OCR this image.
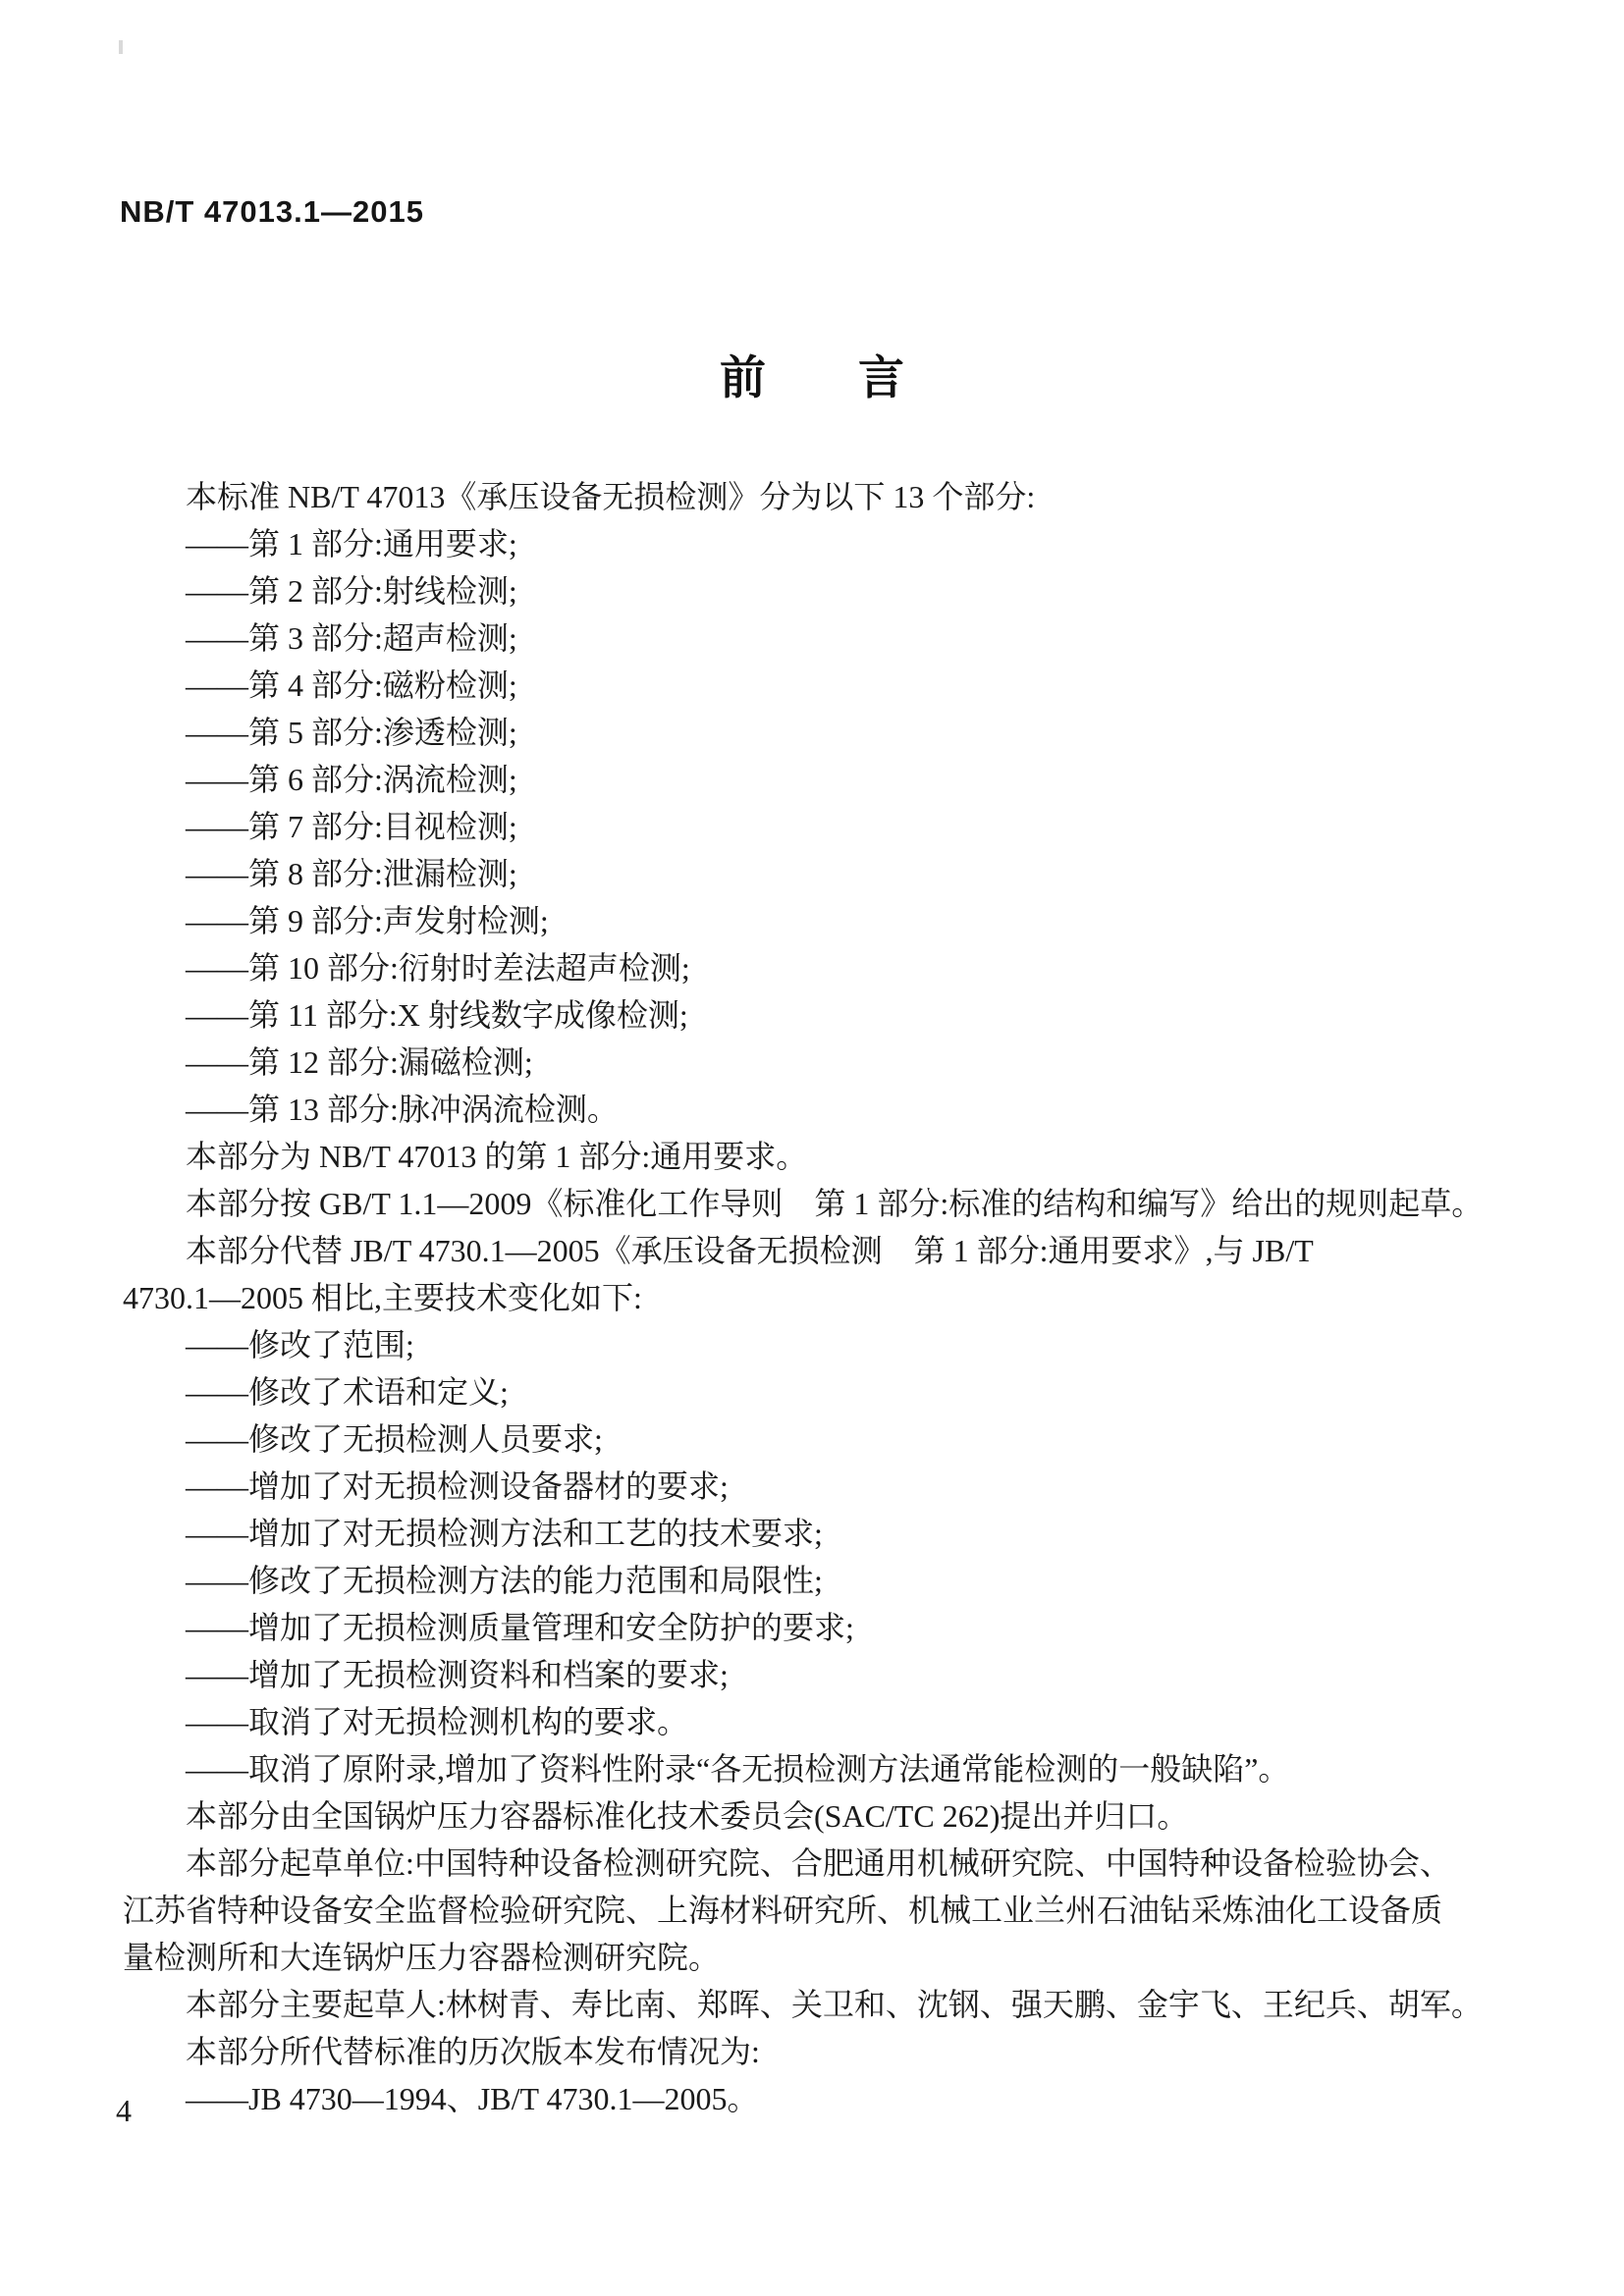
NB/T 47013.1—2015
前　　言
本标准 NB/T 47013《承压设备无损检测》分为以下 13 个部分:
——第 1 部分:通用要求;
——第 2 部分:射线检测;
——第 3 部分:超声检测;
——第 4 部分:磁粉检测;
——第 5 部分:渗透检测;
——第 6 部分:涡流检测;
——第 7 部分:目视检测;
——第 8 部分:泄漏检测;
——第 9 部分:声发射检测;
——第 10 部分:衍射时差法超声检测;
——第 11 部分:X 射线数字成像检测;
——第 12 部分:漏磁检测;
——第 13 部分:脉冲涡流检测。
本部分为 NB/T 47013 的第 1 部分:通用要求。
本部分按 GB/T 1.1—2009《标准化工作导则　第 1 部分:标准的结构和编写》给出的规则起草。
本部分代替 JB/T 4730.1—2005《承压设备无损检测　第 1 部分:通用要求》,与 JB/T
4730.1—2005 相比,主要技术变化如下:
——修改了范围;
——修改了术语和定义;
——修改了无损检测人员要求;
——增加了对无损检测设备器材的要求;
——增加了对无损检测方法和工艺的技术要求;
——修改了无损检测方法的能力范围和局限性;
——增加了无损检测质量管理和安全防护的要求;
——增加了无损检测资料和档案的要求;
——取消了对无损检测机构的要求。
——取消了原附录,增加了资料性附录“各无损检测方法通常能检测的一般缺陷”。
本部分由全国锅炉压力容器标准化技术委员会(SAC/TC 262)提出并归口。
本部分起草单位:中国特种设备检测研究院、合肥通用机械研究院、中国特种设备检验协会、
江苏省特种设备安全监督检验研究院、上海材料研究所、机械工业兰州石油钻采炼油化工设备质
量检测所和大连锅炉压力容器检测研究院。
本部分主要起草人:林树青、寿比南、郑晖、关卫和、沈钢、强天鹏、金宇飞、王纪兵、胡军。
本部分所代替标准的历次版本发布情况为:
——JB 4730—1994、JB/T 4730.1—2005。
4
